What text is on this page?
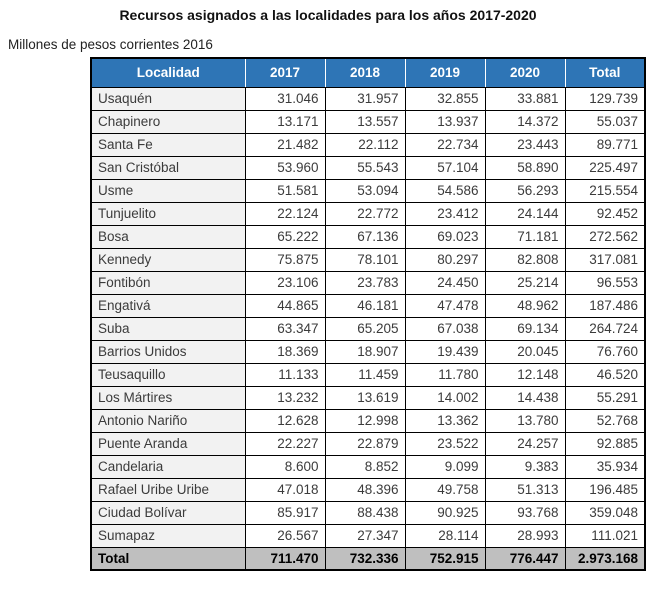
Recursos asignados a las localidades para los años 2017-2020
Millones de pesos corrientes 2016
Localidad	2017	2018	2019	2020	Total
Usaquén	31.046	31.957	32.855	33.881	129.739
Chapinero	13.171	13.557	13.937	14.372	55.037
Santa Fe	21.482	22.112	22.734	23.443	89.771
San Cristóbal	53.960	55.543	57.104	58.890	225.497
Usme	51.581	53.094	54.586	56.293	215.554
Tunjuelito	22.124	22.772	23.412	24.144	92.452
Bosa	65.222	67.136	69.023	71.181	272.562
Kennedy	75.875	78.101	80.297	82.808	317.081
Fontibón	23.106	23.783	24.450	25.214	96.553
Engativá	44.865	46.181	47.478	48.962	187.486
Suba	63.347	65.205	67.038	69.134	264.724
Barrios Unidos	18.369	18.907	19.439	20.045	76.760
Teusaquillo	11.133	11.459	11.780	12.148	46.520
Los Mártires	13.232	13.619	14.002	14.438	55.291
Antonio Nariño	12.628	12.998	13.362	13.780	52.768
Puente Aranda	22.227	22.879	23.522	24.257	92.885
Candelaria	8.600	8.852	9.099	9.383	35.934
Rafael Uribe Uribe	47.018	48.396	49.758	51.313	196.485
Ciudad Bolívar	85.917	88.438	90.925	93.768	359.048
Sumapaz	26.567	27.347	28.114	28.993	111.021
Total	711.470	732.336	752.915	776.447	2.973.168
